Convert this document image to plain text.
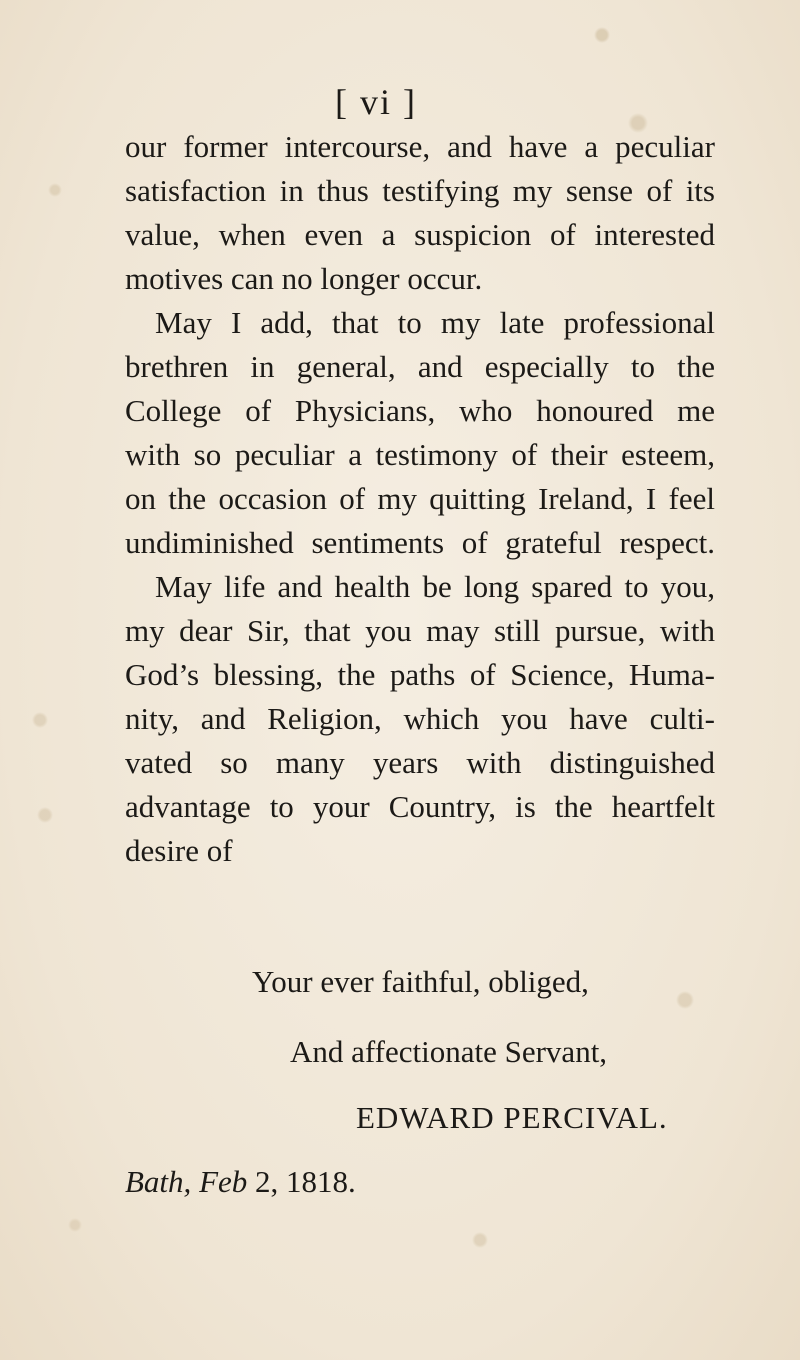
[ vi ]
our former intercourse, and have a peculiar
satisfaction in thus testifying my sense of its
value, when even a suspicion of interested
motives can no longer occur.
May I add, that to my late professional
brethren in general, and especially to the
College of Physicians, who honoured me
with so peculiar a testimony of their esteem,
on the occasion of my quitting Ireland, I feel
undiminished sentiments of grateful respect.
May life and health be long spared to you,
my dear Sir, that you may still pursue, with
God’s blessing, the paths of Science, Huma-
nity, and Religion, which you have culti-
vated so many years with distinguished
advantage to your Country, is the heartfelt
desire of
Your ever faithful, obliged,
And affectionate Servant,
EDWARD PERCIVAL.
Bath, Feb 2, 1818.
